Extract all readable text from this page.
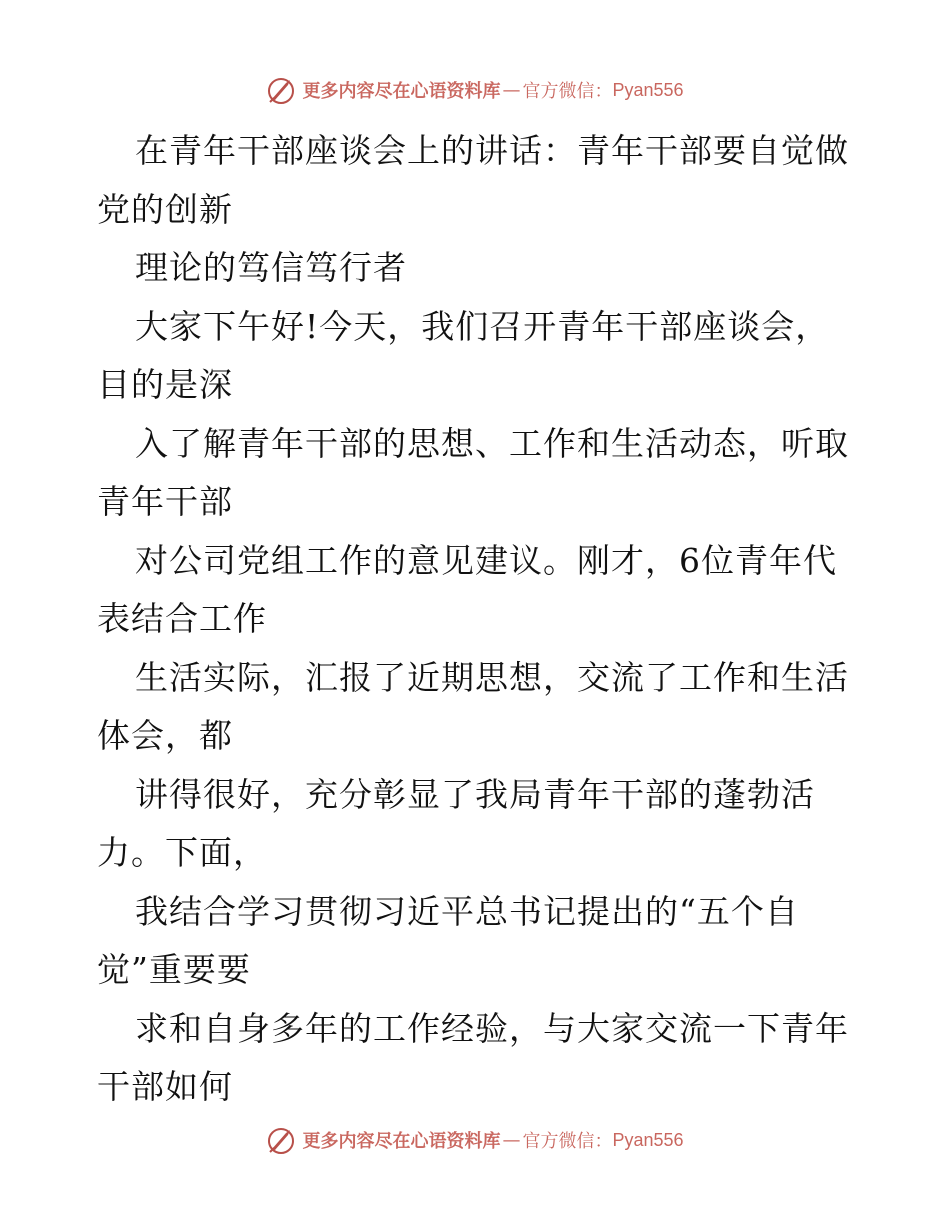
更多内容尽在心语资料库 — 官方微信： Pyan556
在青年干部座谈会上的讲话：青年干部要自觉做
党的创新
理论的笃信笃行者
大家下午好!今天，我们召开青年干部座谈会，
目的是深
入了解青年干部的思想、工作和生活动态，听取
青年干部
对公司党组工作的意见建议。刚才，6位青年代
表结合工作
生活实际，汇报了近期思想，交流了工作和生活
体会，都
讲得很好，充分彰显了我局青年干部的蓬勃活
力。下面，
我结合学习贯彻习近平总书记提出的“五个自
觉”重要要
求和自身多年的工作经验，与大家交流一下青年
干部如何
更多内容尽在心语资料库 — 官方微信： Pyan556
